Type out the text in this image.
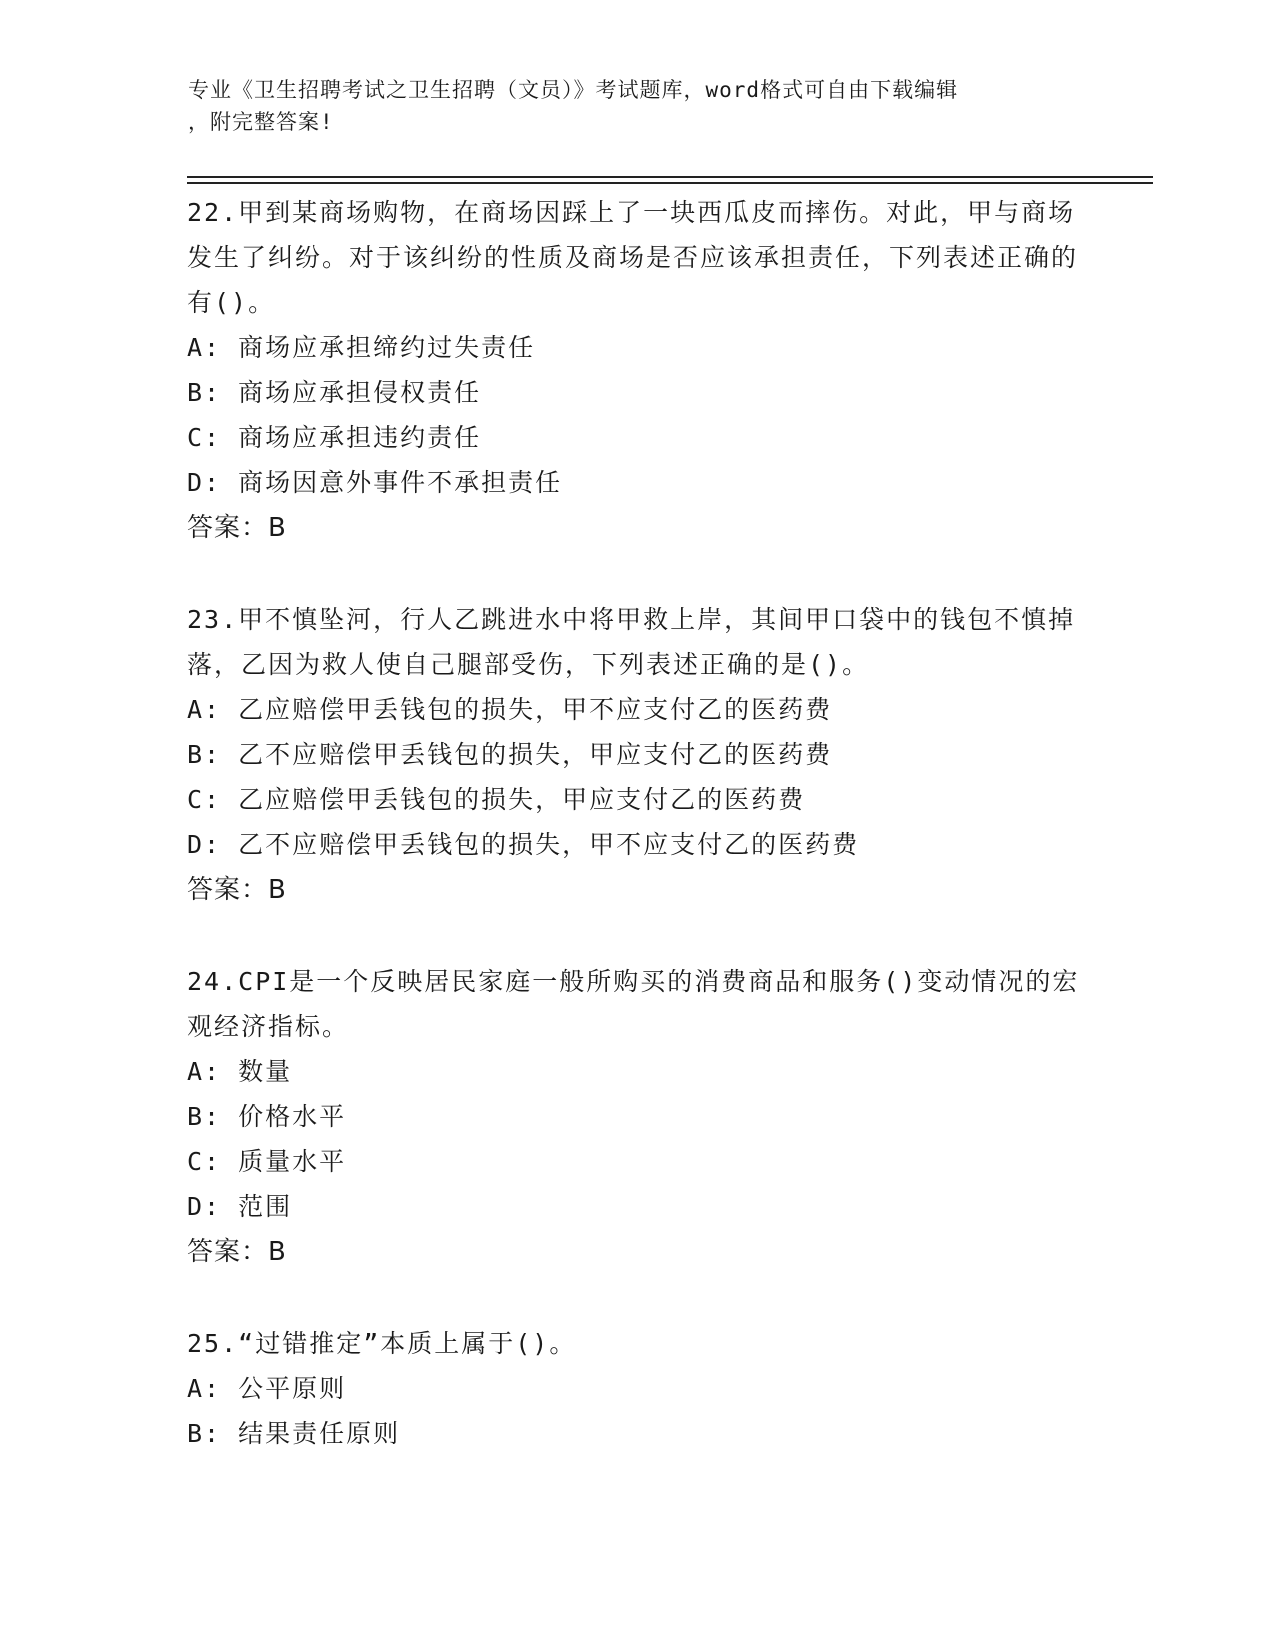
专业《卫生招聘考试之卫生招聘（文员）》考试题库，word格式可自由下载编辑
，附完整答案!
22.甲到某商场购物，在商场因踩上了一块西瓜皮而摔伤。对此，甲与商场发生了纠纷。对于该纠纷的性质及商场是否应该承担责任，下列表述正确的有()。
A: 商场应承担缔约过失责任
B: 商场应承担侵权责任
C: 商场应承担违约责任
D: 商场因意外事件不承担责任
答案：B
23.甲不慎坠河，行人乙跳进水中将甲救上岸，其间甲口袋中的钱包不慎掉落，乙因为救人使自己腿部受伤，下列表述正确的是()。
A: 乙应赔偿甲丢钱包的损失，甲不应支付乙的医药费
B: 乙不应赔偿甲丢钱包的损失，甲应支付乙的医药费
C: 乙应赔偿甲丢钱包的损失，甲应支付乙的医药费
D: 乙不应赔偿甲丢钱包的损失，甲不应支付乙的医药费
答案：B
24.CPI是一个反映居民家庭一般所购买的消费商品和服务()变动情况的宏观经济指标。
A: 数量
B: 价格水平
C: 质量水平
D: 范围
答案：B
25.“过错推定”本质上属于()。
A: 公平原则
B: 结果责任原则
